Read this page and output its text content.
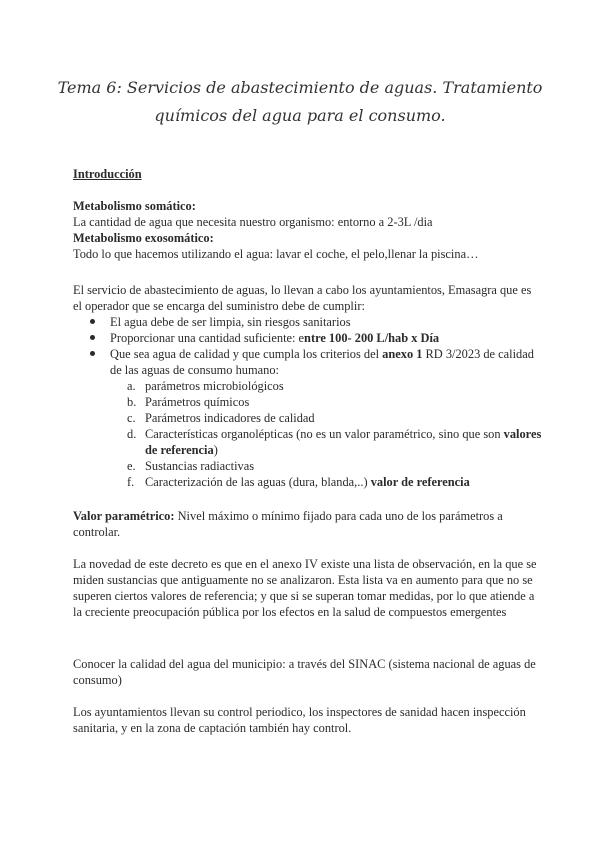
Tema 6: Servicios de abastecimiento de aguas. Tratamiento
químicos del agua para el consumo.
Introducción
Metabolismo somático:
La cantidad de agua que necesita nuestro organismo: entorno a 2-3L /dia
Metabolismo exosomático:
Todo lo que hacemos utilizando el agua: lavar el coche, el pelo,llenar la piscina…
El servicio de abastecimiento de aguas, lo llevan a cabo los ayuntamientos, Emasagra que es el operador que se encarga del suministro debe de cumplir:
El agua debe de ser limpia, sin riesgos sanitarios
Proporcionar una cantidad suficiente: entre 100- 200 L/hab x Día
Que sea agua de calidad y que cumpla los criterios del anexo 1 RD 3/2023 de calidad de las aguas de consumo humano:
a. parámetros microbiológicos
b. Parámetros químicos
c. Parámetros indicadores de calidad
d. Características organolépticas (no es un valor paramétrico, sino que son valores de referencia)
e. Sustancias radiactivas
f. Caracterización de las aguas (dura, blanda,..) valor de referencia
Valor paramétrico: Nivel máximo o mínimo fijado para cada uno de los parámetros a controlar.
La novedad de este decreto es que en el anexo IV existe una lista de observación, en la que se miden sustancias que antiguamente no se analizaron. Esta lista va en aumento para que no se superen ciertos valores de referencia; y que si se superan tomar medidas, por lo que atiende a la creciente preocupación pública por los efectos en la salud de compuestos emergentes
Conocer la calidad del agua del municipio: a través del SINAC (sistema nacional de aguas de consumo)
Los ayuntamientos llevan su control periodico, los inspectores de sanidad hacen inspección sanitaria, y en la zona de captación también hay control.
